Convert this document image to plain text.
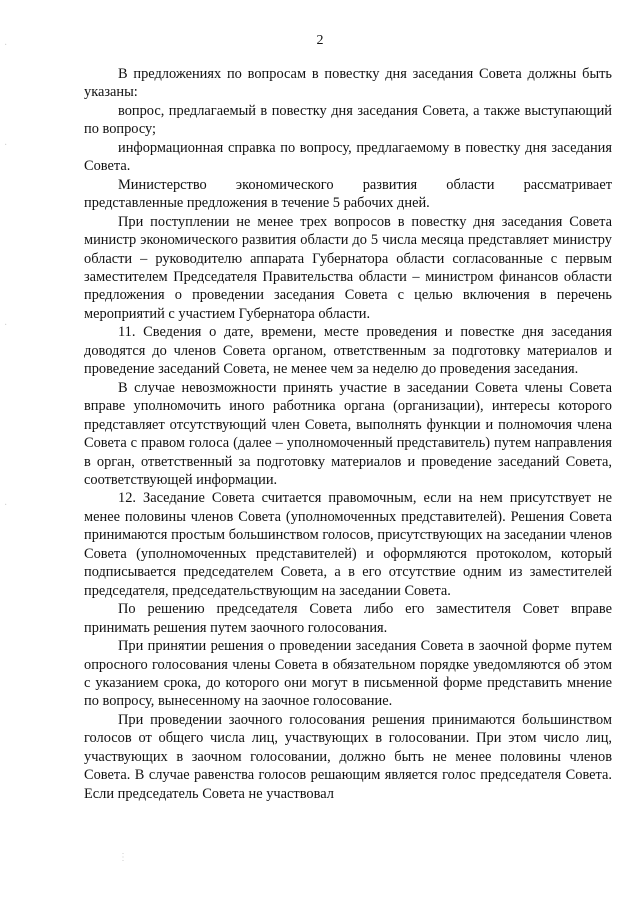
2
·
·
·
·
⋮

В предложениях по вопросам в повестку дня заседания Совета должны быть указаны:

вопрос, предлагаемый в повестку дня заседания Совета, а также выступающий по вопросу;

информационная справка по вопросу, предлагаемому в повестку дня заседания Совета.

Министерство экономического развития области рассматривает представленные предложения в течение 5 рабочих дней.

При поступлении не менее трех вопросов в повестку дня заседания Совета министр экономического развития области до 5 числа месяца представляет министру области – руководителю аппарата Губернатора области согласованные с первым заместителем Председателя Правительства области – министром финансов области предложения о проведении заседания Совета с целью включения в перечень мероприятий с участием Губернатора области.

11. Сведения о дате, времени, месте проведения и повестке дня заседания доводятся до членов Совета органом, ответственным за подготовку материалов и проведение заседаний Совета, не менее чем за неделю до проведения заседания.

В случае невозможности принять участие в заседании Совета члены Совета вправе уполномочить иного работника органа (организации), интересы которого представляет отсутствующий член Совета, выполнять функции и полномочия члена Совета с правом голоса (далее – уполномоченный представитель) путем направления в орган, ответственный за подготовку материалов и проведение заседаний Совета, соответствующей информации.

12. Заседание Совета считается правомочным, если на нем присутствует не менее половины членов Совета (уполномоченных представителей). Решения Совета принимаются простым большинством голосов, присутствующих на заседании членов Совета (уполномоченных представителей) и оформляются протоколом, который подписывается председателем Совета, а в его отсутствие одним из заместителей председателя, председательствующим на заседании Совета.

По решению председателя Совета либо его заместителя Совет вправе принимать решения путем заочного голосования.

При принятии решения о проведении заседания Совета в заочной форме путем опросного голосования члены Совета в обязательном порядке уведомляются об этом с указанием срока, до которого они могут в письменной форме представить мнение по вопросу, вынесенному на заочное голосование.

При проведении заочного голосования решения принимаются большинством голосов от общего числа лиц, участвующих в голосовании. При этом число лиц, участвующих в заочном голосовании, должно быть не менее половины членов Совета. В случае равенства голосов решающим является голос председателя Совета. Если председатель Совета не участвовал
